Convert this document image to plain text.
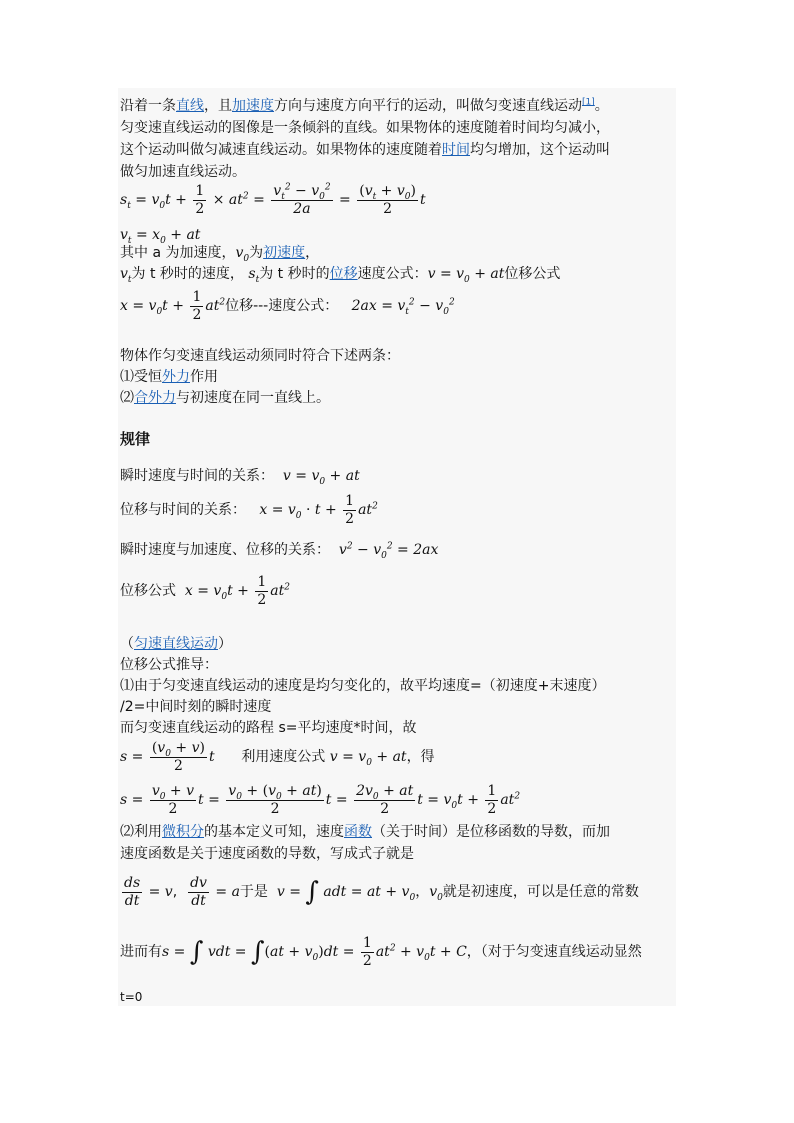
沿着一条直线，且加速度方向与速度方向平行的运动，叫做匀变速直线运动[1]。
匀变速直线运动的图像是一条倾斜的直线。如果物体的速度随着时间均匀减小，
这个运动叫做匀减速直线运动。如果物体的速度随着时间均匀增加，这个运动叫
做匀加速直线运动。
$s_t = v_0t + \frac{1}{2} \times at^2 = \frac{v_t^2 - v_0^2}{2a} = \frac{(v_t + v_0)}{2}$ t
$v_t = x_0$ + at
其中 a 为加速度，$v_0$为初速度，
$v_t$为 t 秒时的速度， $s_t$为 t 秒时的位移速度公式：$v = v_0$ + at位移公式
$x = v_0t + \frac{1}{2} at^2$位移---速度公式： $2ax = v_t^2 - v_0^2$
物体作匀变速直线运动须同时符合下述两条：
⑴受恒外力作用
⑵合外力与初速度在同一直线上。
规律
瞬时速度与时间的关系： $v = v_0$ + at
位移与时间的关系： $x = v_0 \cdot t + \frac{1}{2} at^2$
瞬时速度与加速度、位移的关系： $v^2 - v_0^2 = 2ax$
位移公式 $x = v_0t + \frac{1}{2} at^2$
（匀速直线运动）
位移公式推导：
⑴由于匀变速直线运动的速度是均匀变化的，故平均速度=（初速度+末速度）
/2=中间时刻的瞬时速度
而匀变速直线运动的路程 s=平均速度*时间，故
$s = \frac{(v_0 + v)}{2}$ t 利用速度公式 $v = v_0$ + at，得
$s = \frac{v_0 + v}{2}$ $t = \frac{v_0 + (v_0 + at)}{2}$ $t = \frac{2v_0 + at}{2}$ $t = v_0t + \frac{1}{2} at^2$
⑵利用微积分的基本定义可知，速度函数（关于时间）是位移函数的导数，而加
速度函数是关于速度函数的导数，写成式子就是
$\frac{ds}{dt} = v$, $\frac{dv}{dt} = a$于是 v = ∫ adt = at + $v_0$，$v_0$就是初速度，可以是任意的常数
进而有s = ∫ vdt = $\int(at + v_0)dt = \frac{1}{2} at^2 + v_0t + C$，（对于匀变速直线运动显然
t=0
